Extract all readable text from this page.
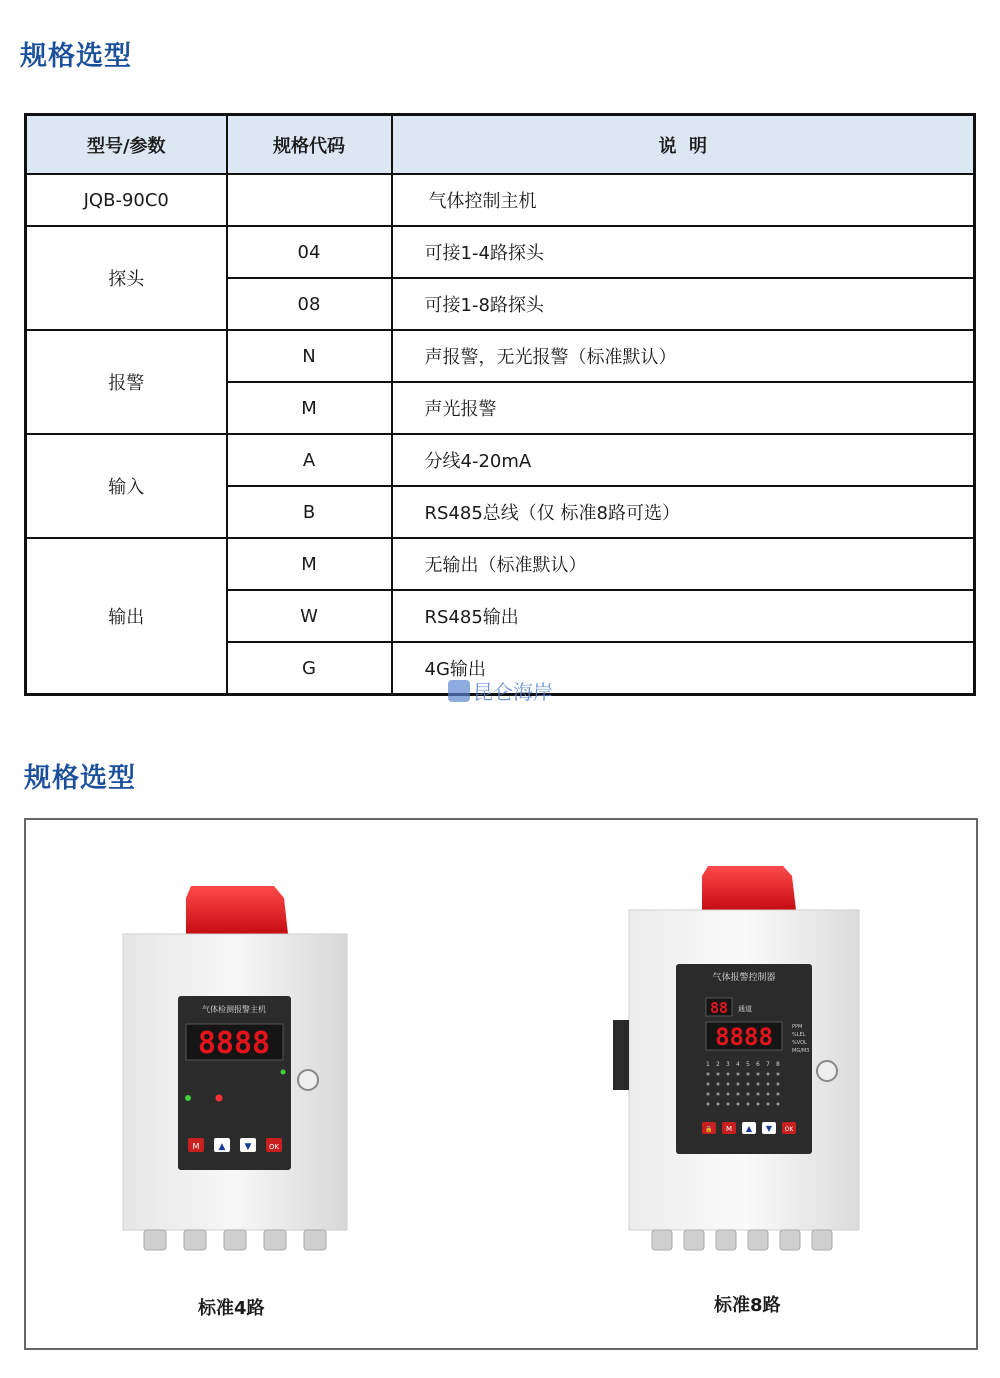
规格选型
型号/参数	规格代码	说  明
JQB-90C0		气体控制主机
探头	04	可接1-4路探头
	08	可接1-8路探头
报警	N	声报警，无光报警（标准默认）
	M	声光报警
输入	A	分线4-20mA
	B	RS485总线（仅 标准8路可选）
输出	M	无输出（标准默认）
	W	RS485输出
	G	4G输出
昆仑海岸
规格选型
气体检测报警主机
8888
M ▲ ▼ OK
标准4路
气体报警控制器
88 通道
8888	PPM
%LEL
%VOL
MG/M3
1 2 3 4 5 6 7 8
🔒 M ▲ ▼ OK
标准8路
